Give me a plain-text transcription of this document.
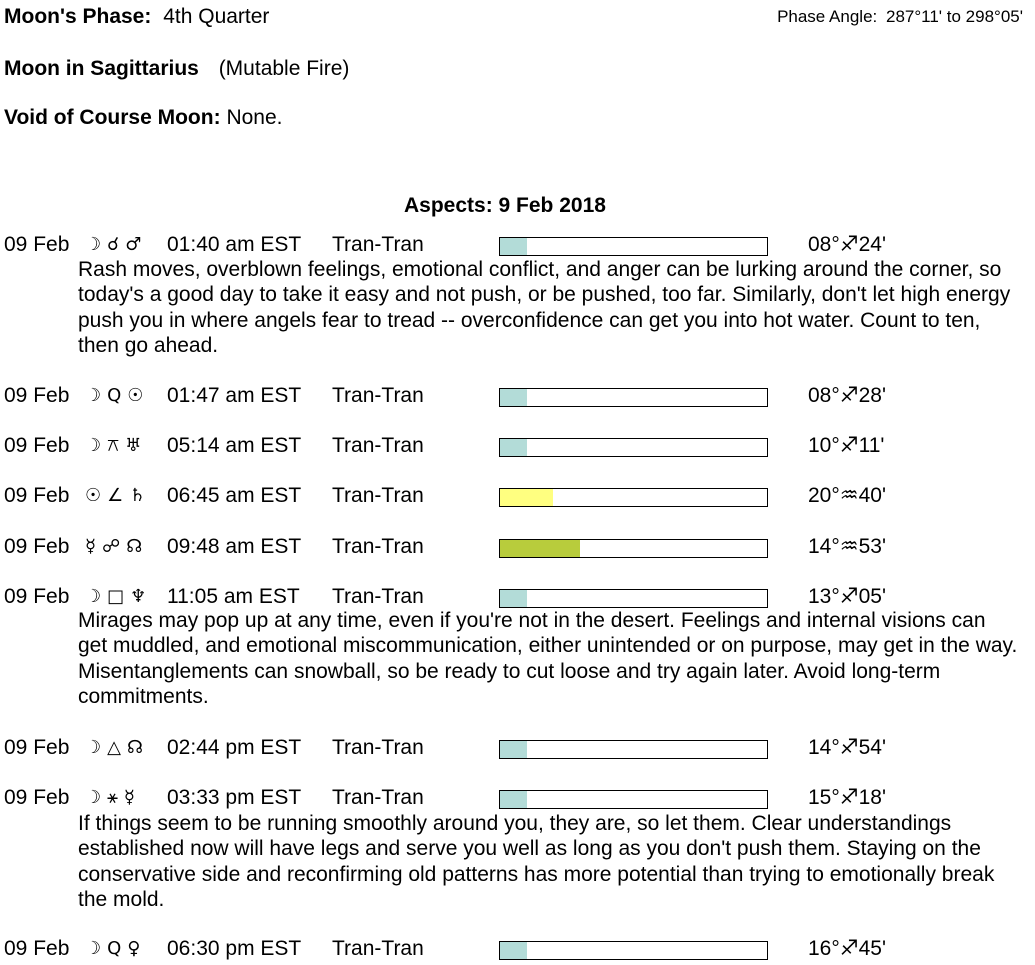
Moon's Phase: 4th Quarter	Phase Angle: 287°11' to 298°05'
Moon in Sagittarius (Mutable Fire)
Void of Course Moon: None.
Aspects: 9 Feb 2018
09 Feb ☽☌♂ 01:40 am EST Tran-Tran	08°♐24'
Rash moves, overblown feelings, emotional conflict, and anger can be lurking around the corner, so today's a good day to take it easy and not push, or be pushed, too far. Similarly, don't let high energy push you in where angels fear to tread -- overconfidence can get you into hot water. Count to ten, then go ahead.
09 Feb ☽Q☉ 01:47 am EST Tran-Tran	08°♐28'
09 Feb ☽⚻♅ 05:14 am EST Tran-Tran	10°♐11'
09 Feb ☉∠♄ 06:45 am EST Tran-Tran	20°♒40'
09 Feb ☿☍☊ 09:48 am EST Tran-Tran	14°♒53'
09 Feb ☽□♆ 11:05 am EST Tran-Tran	13°♐05'
Mirages may pop up at any time, even if you're not in the desert. Feelings and internal visions can get muddled, and emotional miscommunication, either unintended or on purpose, may get in the way. Misentanglements can snowball, so be ready to cut loose and try again later. Avoid long-term commitments.
09 Feb ☽△☊ 02:44 pm EST Tran-Tran	14°♐54'
09 Feb ☽⚹☿ 03:33 pm EST Tran-Tran	15°♐18'
If things seem to be running smoothly around you, they are, so let them. Clear understandings established now will have legs and serve you well as long as you don't push them. Staying on the conservative side and reconfirming old patterns has more potential than trying to emotionally break the mold.
09 Feb ☽Q♀ 06:30 pm EST Tran-Tran	16°♐45'
